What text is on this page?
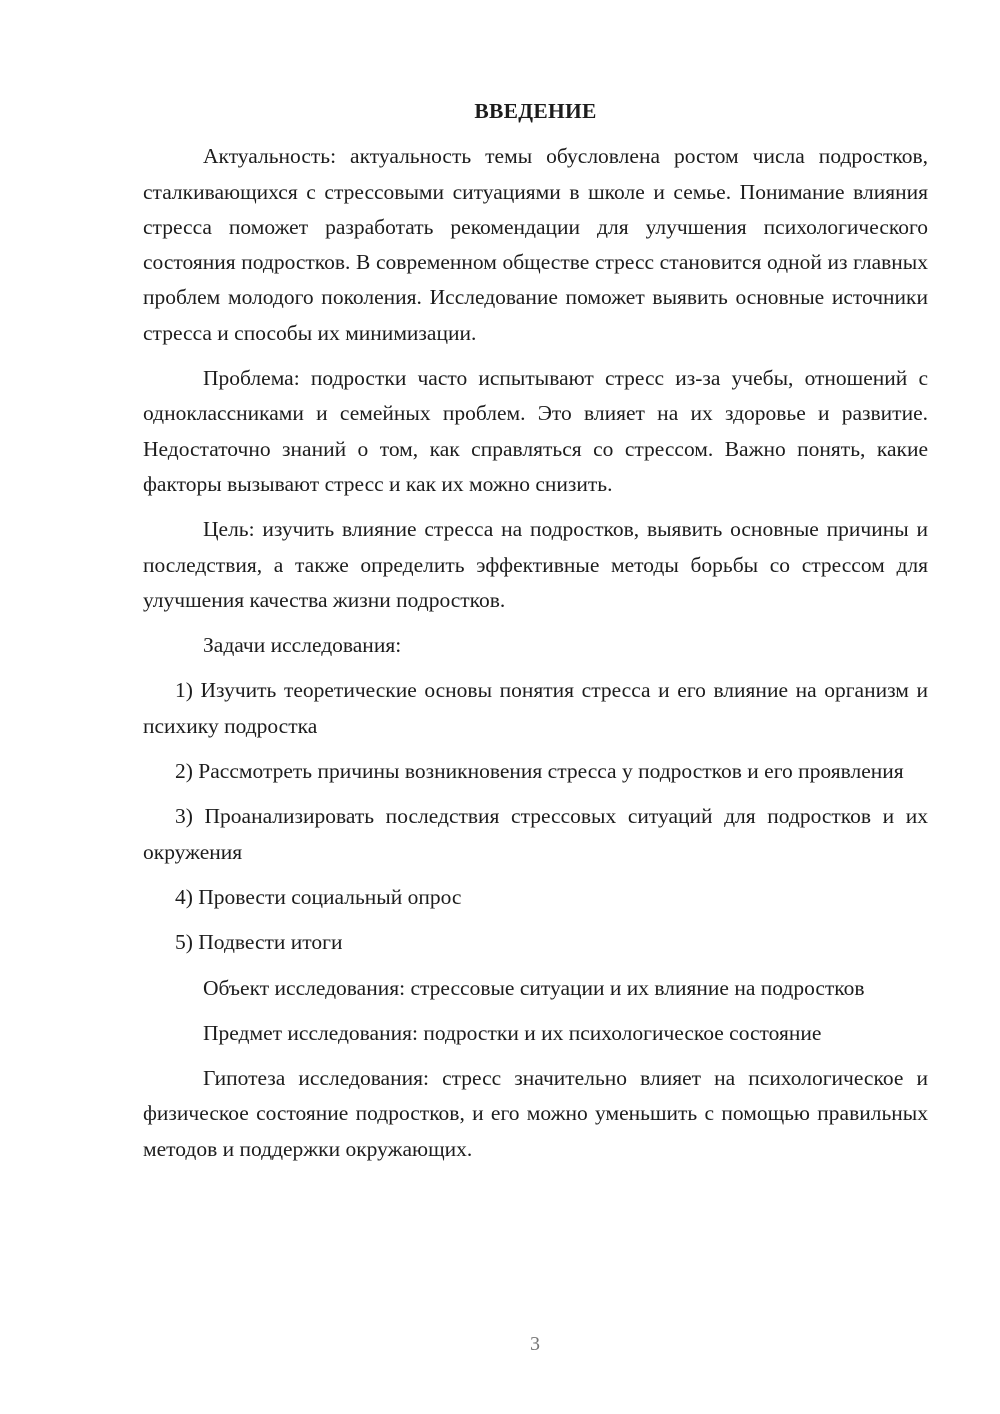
ВВЕДЕНИЕ

Актуальность: актуальность темы обусловлена ростом числа подростков, сталкивающихся с стрессовыми ситуациями в школе и семье. Понимание влияния стресса поможет разработать рекомендации для улучшения психологического состояния подростков. В современном обществе стресс становится одной из главных проблем молодого поколения. Исследование поможет выявить основные источники стресса и способы их минимизации.

Проблема: подростки часто испытывают стресс из-за учебы, отношений с одноклассниками и семейных проблем. Это влияет на их здоровье и развитие. Недостаточно знаний о том, как справляться со стрессом. Важно понять, какие факторы вызывают стресс и как их можно снизить.

Цель: изучить влияние стресса на подростков, выявить основные причины и последствия, а также определить эффективные методы борьбы со стрессом для улучшения качества жизни подростков.

Задачи исследования:

1) Изучить теоретические основы понятия стресса и его влияние на организм и психику подростка

2) Рассмотреть причины возникновения стресса у подростков и его проявления

3) Проанализировать последствия стрессовых ситуаций для подростков и их окружения

4) Провести социальный опрос

5) Подвести итоги

Объект исследования: стрессовые ситуации и их влияние на подростков

Предмет исследования: подростки и их психологическое состояние

Гипотеза исследования: стресс значительно влияет на психологическое и физическое состояние подростков, и его можно уменьшить с помощью правильных методов и поддержки окружающих.

3
